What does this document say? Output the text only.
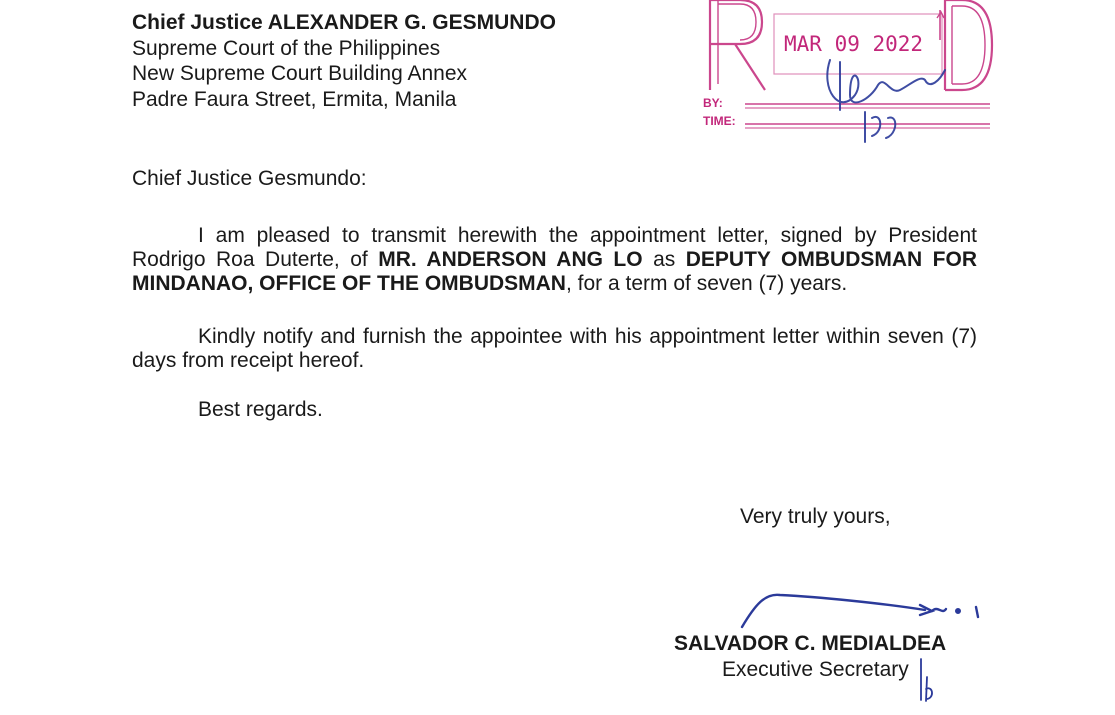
Chief Justice ALEXANDER G. GESMUNDO
Supreme Court of the Philippines
New Supreme Court Building Annex
Padre Faura Street, Ermita, Manila
MAR 09 2022
BY:
TIME:
Chief Justice Gesmundo:
I am pleased to transmit herewith the appointment letter, signed by President Rodrigo Roa Duterte, of MR. ANDERSON ANG LO as DEPUTY OMBUDSMAN FOR MINDANAO, OFFICE OF THE OMBUDSMAN, for a term of seven (7) years.
Kindly notify and furnish the appointee with his appointment letter within seven (7) days from receipt hereof.
Best regards.
Very truly yours,
SALVADOR C. MEDIALDEA
Executive Secretary
